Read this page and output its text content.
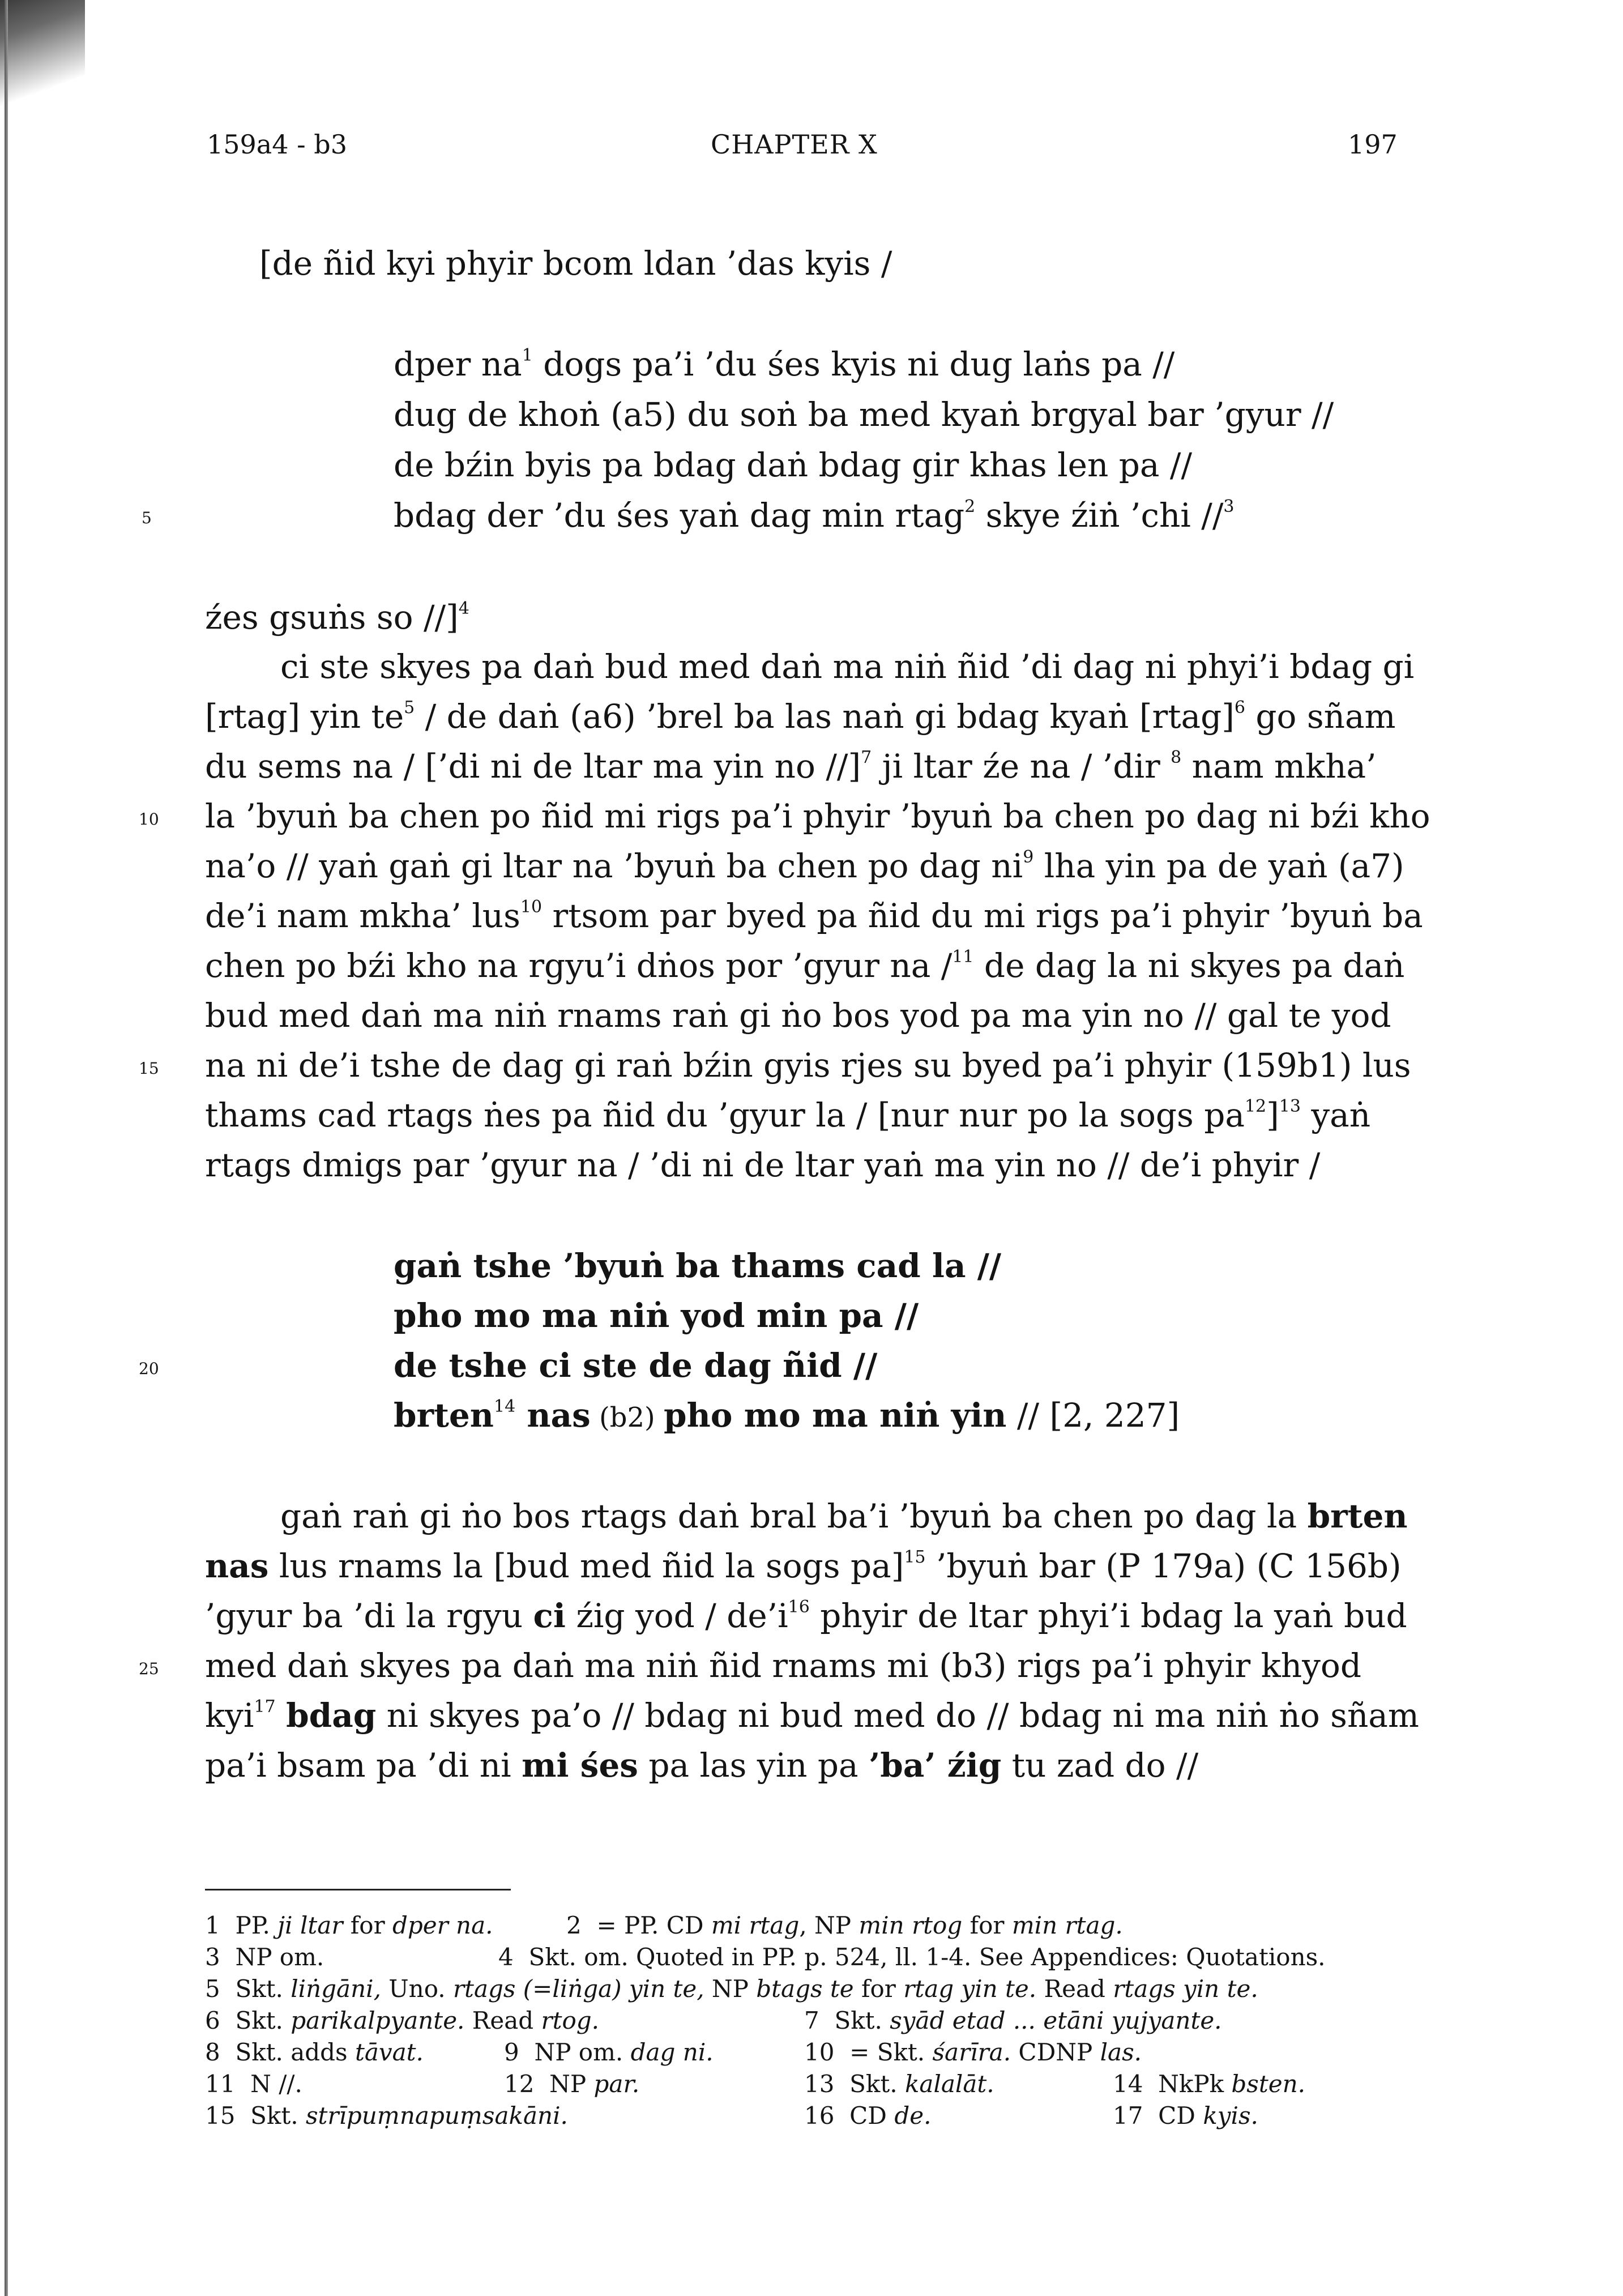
159a4 - b3	CHAPTER X	197
[de ñid kyi phyir bcom ldan ’das kyis /
dper $na^1$ dogs pa’i ’du śes kyis ni dug laṅs pa //
dug de khoṅ (a5) du soṅ ba med kyaṅ brgyal bar ’gyur //
de bźin byis pa bdag daṅ bdag gir khas len pa //
bdag der ’du śes yaṅ dag min rtag$^2$ skye źiṅ ’chi //$^3$
5
źes gsuṅs so //]$^4$
ci ste skyes pa daṅ bud med daṅ ma niṅ ñid ’di dag ni phyi’i bdag gi
[rtag] yin $te^5$ / de daṅ (a6) ’brel ba las naṅ gi bdag kyaṅ [rtag]$^6$ go sñam
du sems na / [’di ni de ltar ma yin no //]$^7$ ji ltar źe na / ’dir $^8$ nam mkha’
la ’byuṅ ba chen po ñid mi rigs pa’i phyir ’byuṅ ba chen po dag ni bźi kho
10
na’o // yaṅ gaṅ gi ltar na ’byuṅ ba chen po dag $ni^9$ lha yin pa de yaṅ (a7)
de’i nam mkha’ lus$^{10}$ rtsom par byed pa ñid du mi rigs pa’i phyir ’byuṅ ba
chen po bźi kho na rgyu’i dṅos por ’gyur na /$^{11}$ de dag la ni skyes pa daṅ
bud med daṅ ma niṅ rnams raṅ gi ṅo bos yod pa ma yin no // gal te yod
na ni de’i tshe de dag gi raṅ bźin gyis rjes su byed pa’i phyir (159b1) lus
15
thams cad rtags ṅes pa ñid du ’gyur la / [nur nur po la sogs $pa^{12}]^{13}$ yaṅ
rtags dmigs par ’gyur na / ’di ni de ltar yaṅ ma yin no // de’i phyir /
gaṅ tshe ’byuṅ ba thams cad la //
pho mo ma niṅ yod min pa //
de tshe ci ste de dag ñid //
20
brten$^{14}$ nas (b2) pho mo ma niṅ yin // [2, 227]
gaṅ raṅ gi ṅo bos rtags daṅ bral ba’i ’byuṅ ba chen po dag la brten
nas lus rnams la [bud med ñid la sogs pa]$^{15}$ ’byuṅ bar (P 179a) (C 156b)
’gyur ba ’di la rgyu ci źig yod / $de’i^{16}$ phyir de ltar phyi’i bdag la yaṅ bud
med daṅ skyes pa daṅ ma niṅ ñid rnams mi (b3) rigs pa’i phyir khyod
25
kyi$^{17}$ bdag ni skyes pa’o // bdag ni bud med do // bdag ni ma niṅ ṅo sñam
pa’i bsam pa ’di ni mi śes pa las yin pa ’ba’ źig tu zad do //
1 PP. ji ltar for dper na.	2 = PP. CD mi rtag, NP min rtog for min rtag.
3 NP om.	4 Skt. om. Quoted in PP. p. 524, ll. 1-4. See Appendices: Quotations.
5 Skt. liṅgāni, Uno. rtags (=liṅga) yin te, NP btags te for rtag yin te. Read rtags yin te.
6 Skt. parikalpyante. Read rtog.	7 Skt. syād etad ... etāni yujyante.
8 Skt. adds tāvat.	9 NP om. dag ni.	10 = Skt. śarīra. CDNP las.
11 N //.	12 NP par.	13 Skt. kalalāt.	14 NkPk bsten.
15 Skt. strīpuṃnapuṃsakāni.	16 CD de.	17 CD kyis.
